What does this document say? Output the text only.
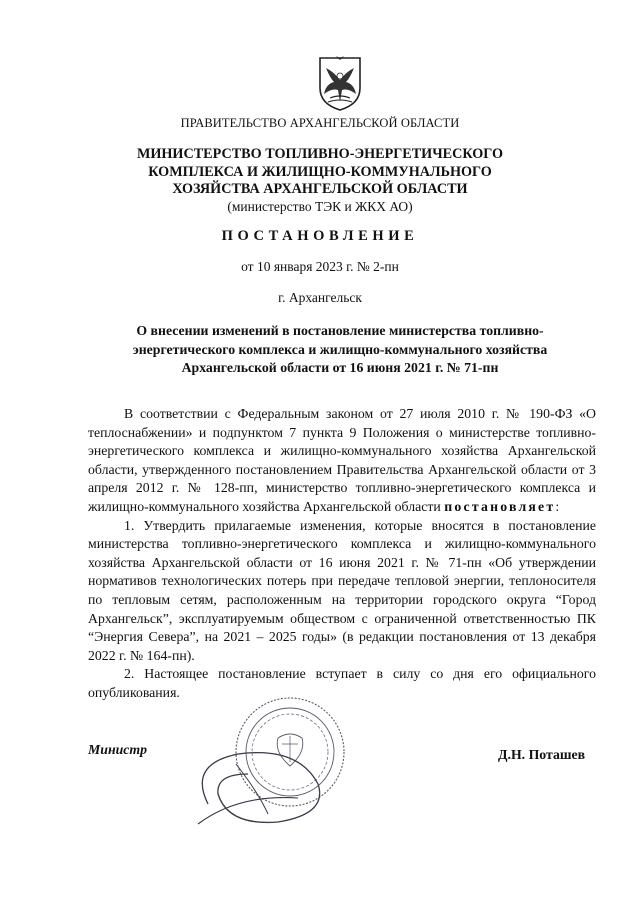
ПРАВИТЕЛЬСТВО АРХАНГЕЛЬСКОЙ ОБЛАСТИ
МИНИСТЕРСТВО ТОПЛИВНО-ЭНЕРГЕТИЧЕСКОГО
КОМПЛЕКСА И ЖИЛИЩНО-КОММУНАЛЬНОГО
ХОЗЯЙСТВА АРХАНГЕЛЬСКОЙ ОБЛАСТИ
(министерство ТЭК и ЖКХ АО)
ПОСТАНОВЛЕНИЕ
от 10 января 2023 г. № 2-пн
г. Архангельск
О внесении изменений в постановление министерства топливно-
энергетического комплекса и жилищно-коммунального хозяйства
Архангельской области от 16 июня 2021 г. № 71-пн

В соответствии с Федеральным законом от 27 июля 2010 г. № 190-ФЗ «О теплоснабжении» и подпунктом 7 пункта 9 Положения о министерстве топливно-энергетического комплекса и жилищно-коммунального хозяйства Архангельской области, утвержденного постановлением Правительства Архангельской области от 3 апреля 2012 г. № 128-пп, министерство топливно-энергетического комплекса и жилищно-коммунального хозяйства Архангельской области постановляет:

1. Утвердить прилагаемые изменения, которые вносятся в постановление министерства топливно-энергетического комплекса и жилищно-коммунального хозяйства Архангельской области от 16 июня 2021 г. № 71-пн «Об утверждении нормативов технологических потерь при передаче тепловой энергии, теплоносителя по тепловым сетям, расположенным на территории городского округа “Город Архангельск”, эксплуатируемым обществом с ограниченной ответственностью ПК “Энергия Севера”, на 2021 – 2025 годы» (в редакции постановления от 13 декабря 2022 г. № 164-пн).

2. Настоящее постановление вступает в силу со дня его официального опубликования.

Министр	Д.Н. Поташев
